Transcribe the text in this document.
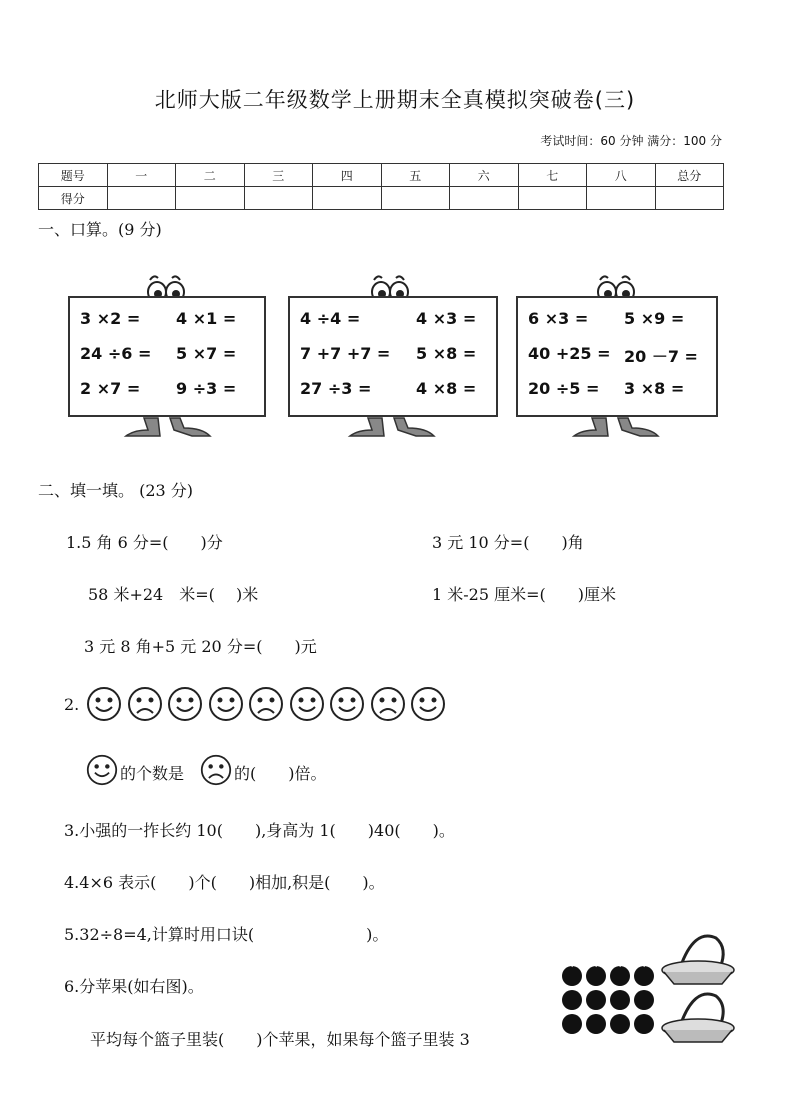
北师大版二年级数学上册期末全真模拟突破卷(三)
考试时间：60 分钟 满分：100 分
题号	一	二	三	四	五	六	七	八	总分
得分									
一、口算。(9 分)
3 ×2 = 4 ×1 =
24 ÷6 = 5 ×7 =
2 ×7 = 9 ÷3 =
4 ÷4 =	4 ×3 =
7 +7 +7 = 5 ×8 =
27 ÷3 =	4 ×8 =
6 ×3 = 5 ×9 =
40 +25 = 20 －7 =
20 ÷5 = 3 ×8 =
二、填一填。 (23 分)
1.5 角 6 分=(　　)分	3 元 10 分=(　　)角
58 米+24　米=(　 )米	1 米-25 厘米=(　　)厘米
3 元 8 角+5 元 20 分=(　　)元
2.
的个数是	的(　　)倍。
3.小强的一拃长约 10(　　),身高为 1(　　)40(　　)。
4.4×6 表示(　　)个(　　)相加,积是(　　)。
5.32÷8=4,计算时用口诀(　　　　　　　)。
6.分苹果(如右图)。
平均每个篮子里装(　　)个苹果，如果每个篮子里装 3
